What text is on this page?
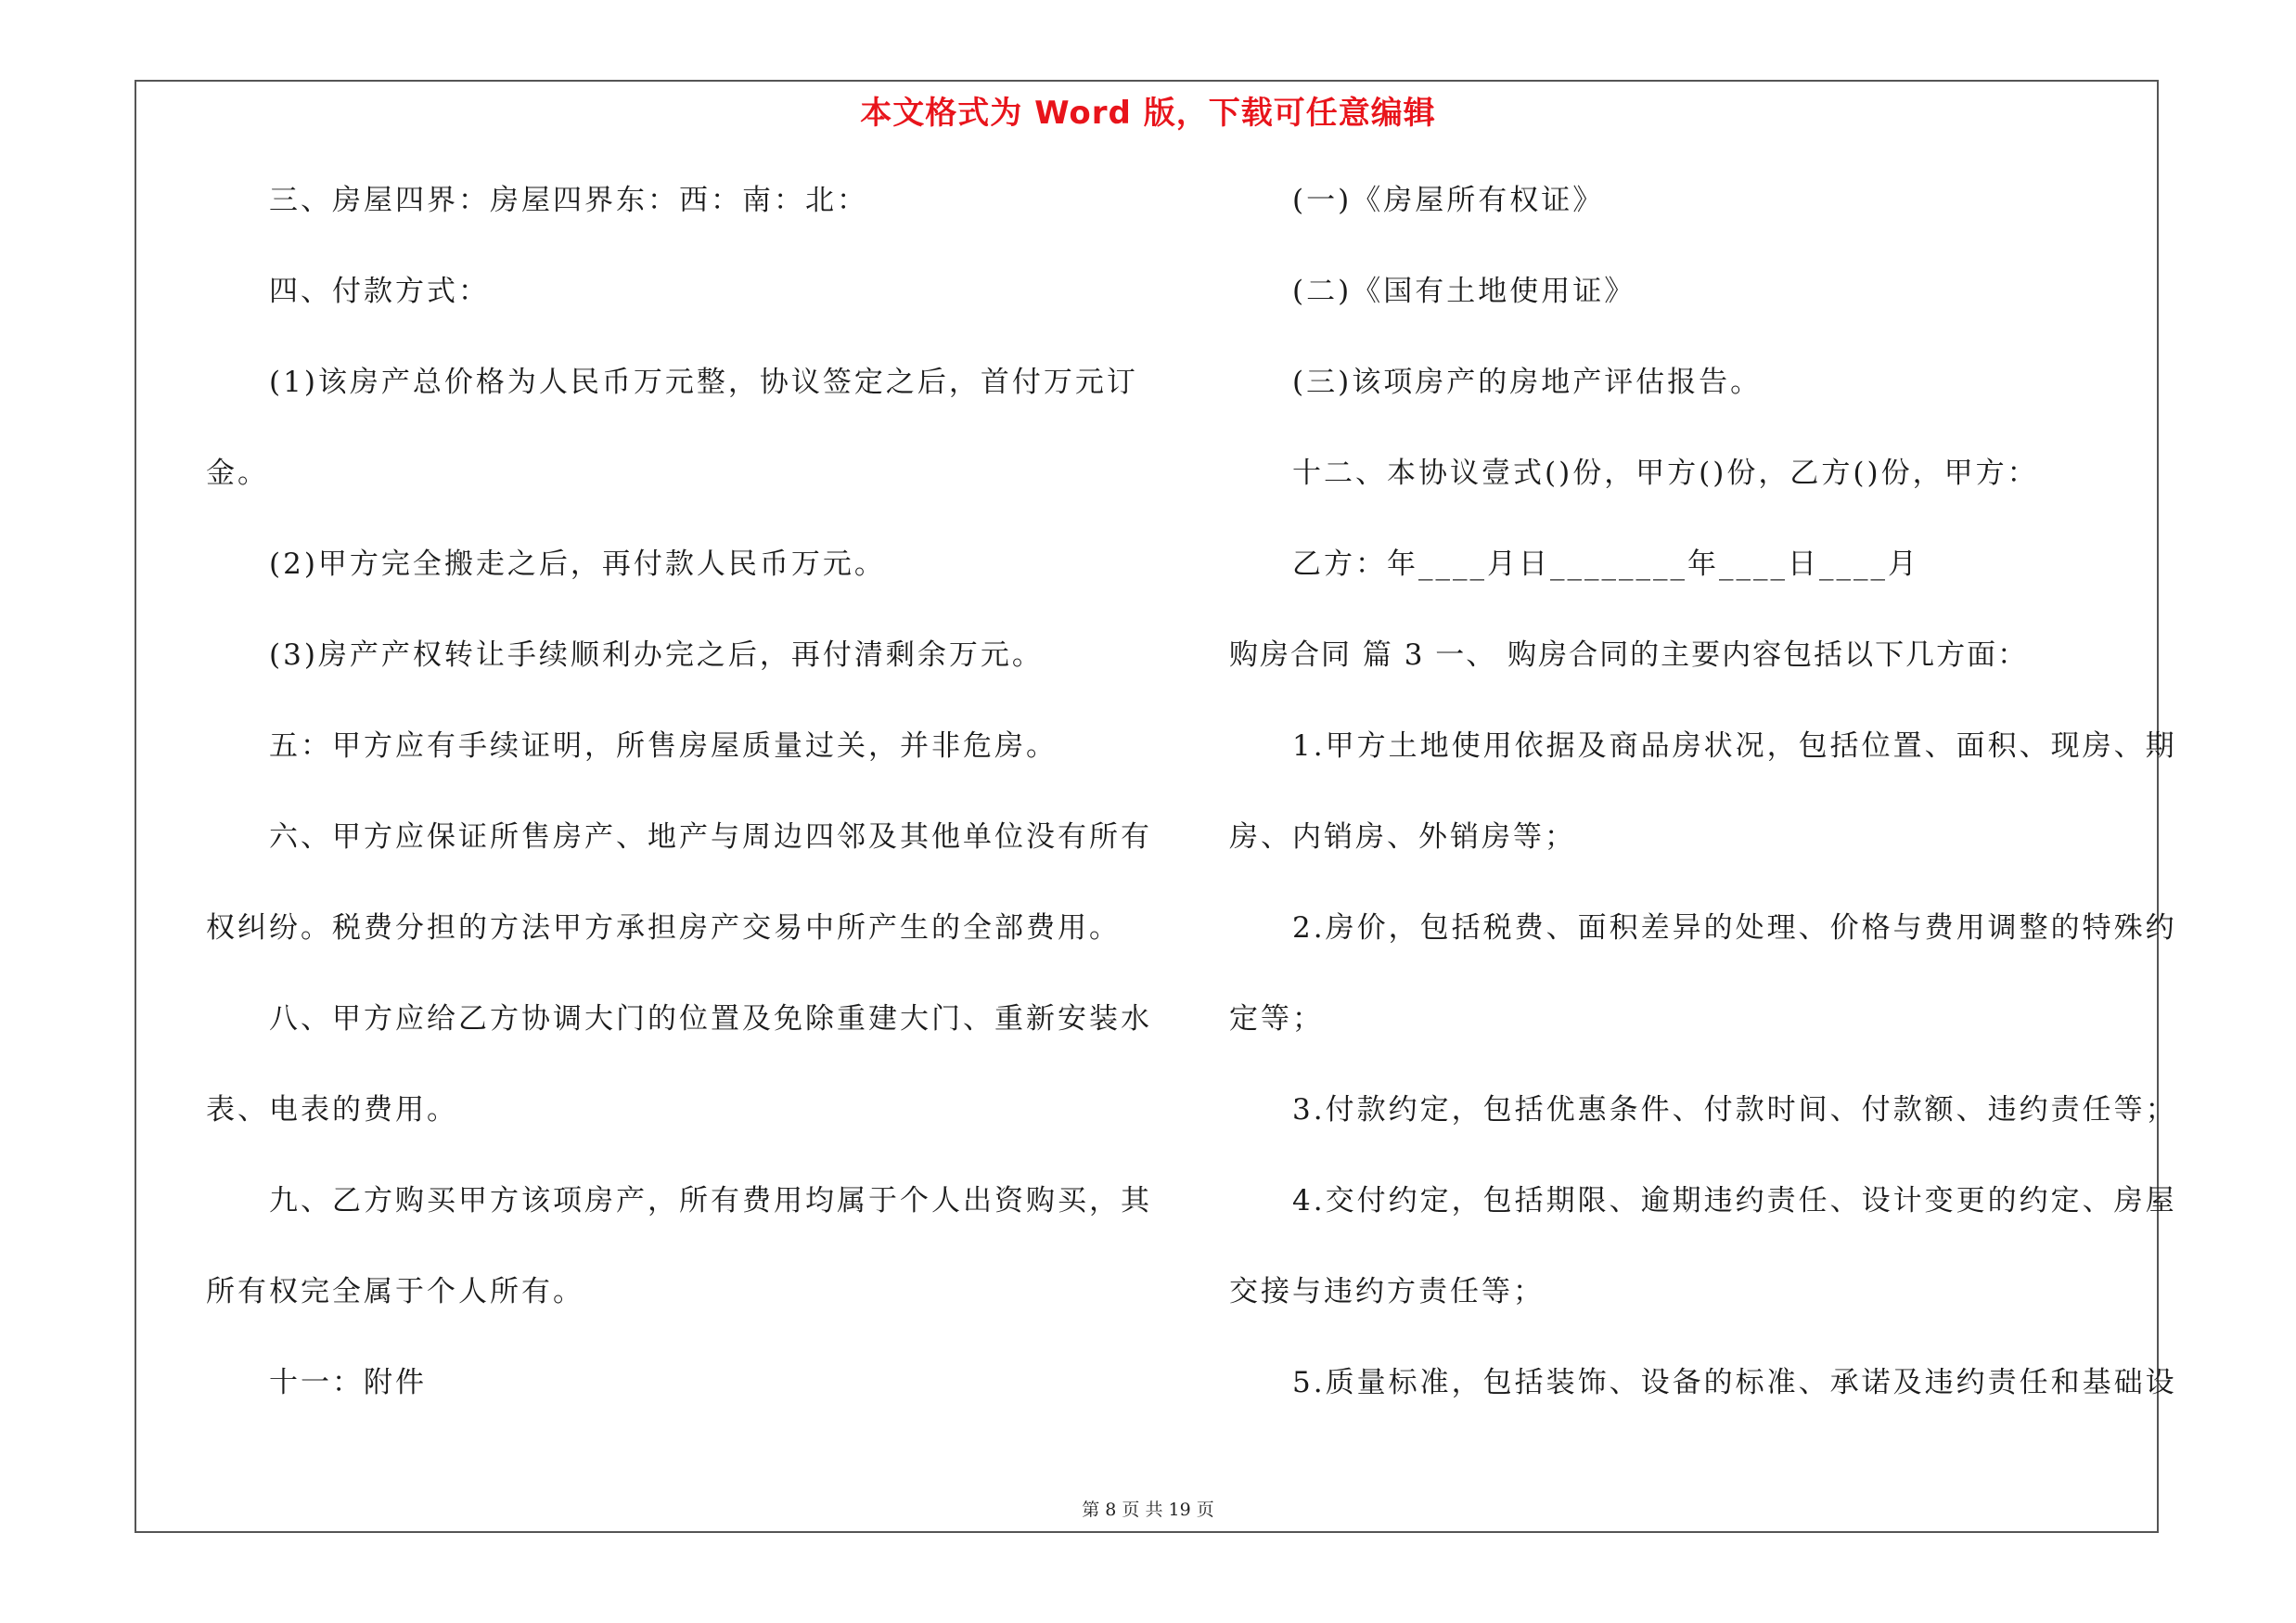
本文格式为 Word 版，下载可任意编辑
三、房屋四界：房屋四界东：西：南：北：
四、付款方式：
(1)该房产总价格为人民币万元整，协议签定之后，首付万元订
金。
(2)甲方完全搬走之后，再付款人民币万元。
(3)房产产权转让手续顺利办完之后，再付清剩余万元。
五：甲方应有手续证明，所售房屋质量过关，并非危房。
六、甲方应保证所售房产、地产与周边四邻及其他单位没有所有
权纠纷。税费分担的方法甲方承担房产交易中所产生的全部费用。
八、甲方应给乙方协调大门的位置及免除重建大门、重新安装水
表、电表的费用。
九、乙方购买甲方该项房产，所有费用均属于个人出资购买，其
所有权完全属于个人所有。
十一：附件
(一)《房屋所有权证》
(二)《国有土地使用证》
(三)该项房产的房地产评估报告。
十二、本协议壹式()份，甲方()份，乙方()份，甲方：
乙方：年____月日________年____日____月
购房合同 篇 3 一、 购房合同的主要内容包括以下几方面：
1.甲方土地使用依据及商品房状况，包括位置、面积、现房、期
房、内销房、外销房等；
2.房价，包括税费、面积差异的处理、价格与费用调整的特殊约
定等；
3.付款约定，包括优惠条件、付款时间、付款额、违约责任等；
4.交付约定，包括期限、逾期违约责任、设计变更的约定、房屋
交接与违约方责任等；
5.质量标准，包括装饰、设备的标准、承诺及违约责任和基础设
第 8 页 共 19 页
